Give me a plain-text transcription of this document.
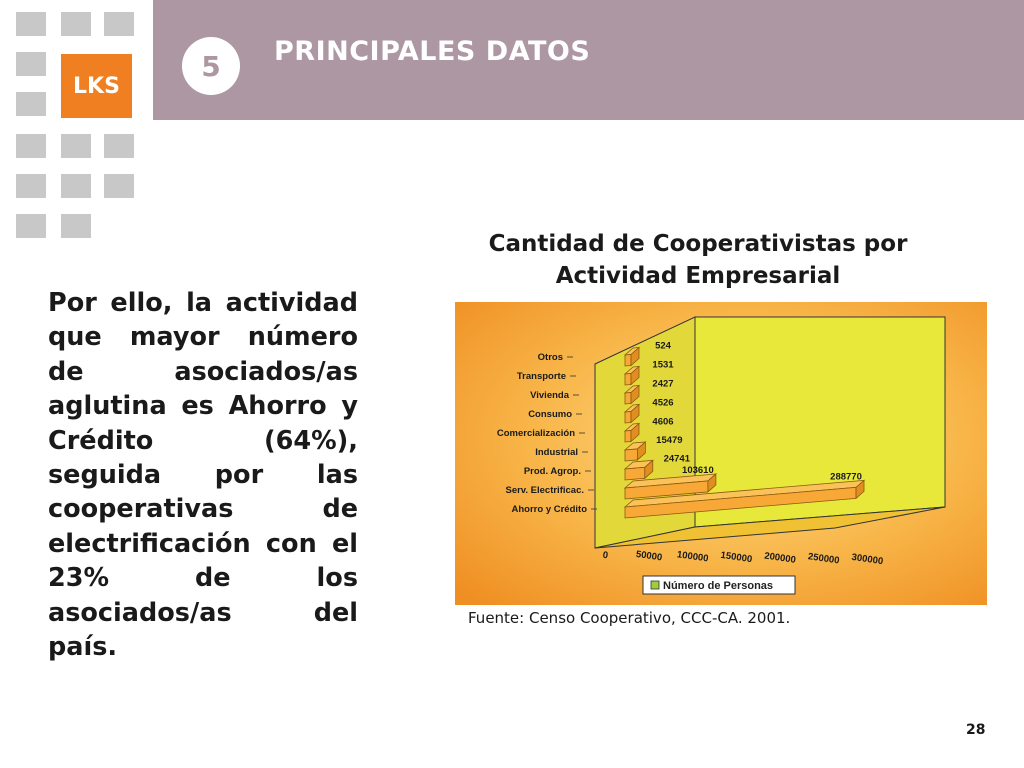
LKS
5 PRINCIPALES DATOS
Por ello, la actividad que mayor número de asociados/as aglutina es Ahorro y Crédito (64%), seguida por las cooperativas de electrificación con el 23% de los asociados/as del país.
Cantidad de Cooperativistas por Actividad Empresarial
288770
Ahorro y Crédito
103610
Serv. Electrificac.
24741
Prod. Agrop.
15479
Industrial
4606
Comercialización
4526
Consumo
2427
Vivienda
1531
Transporte
524
Otros
0	50000 100000 150000 200000 250000 300000
Número de Personas
Fuente: Censo Cooperativo, CCC-CA. 2001.
28
